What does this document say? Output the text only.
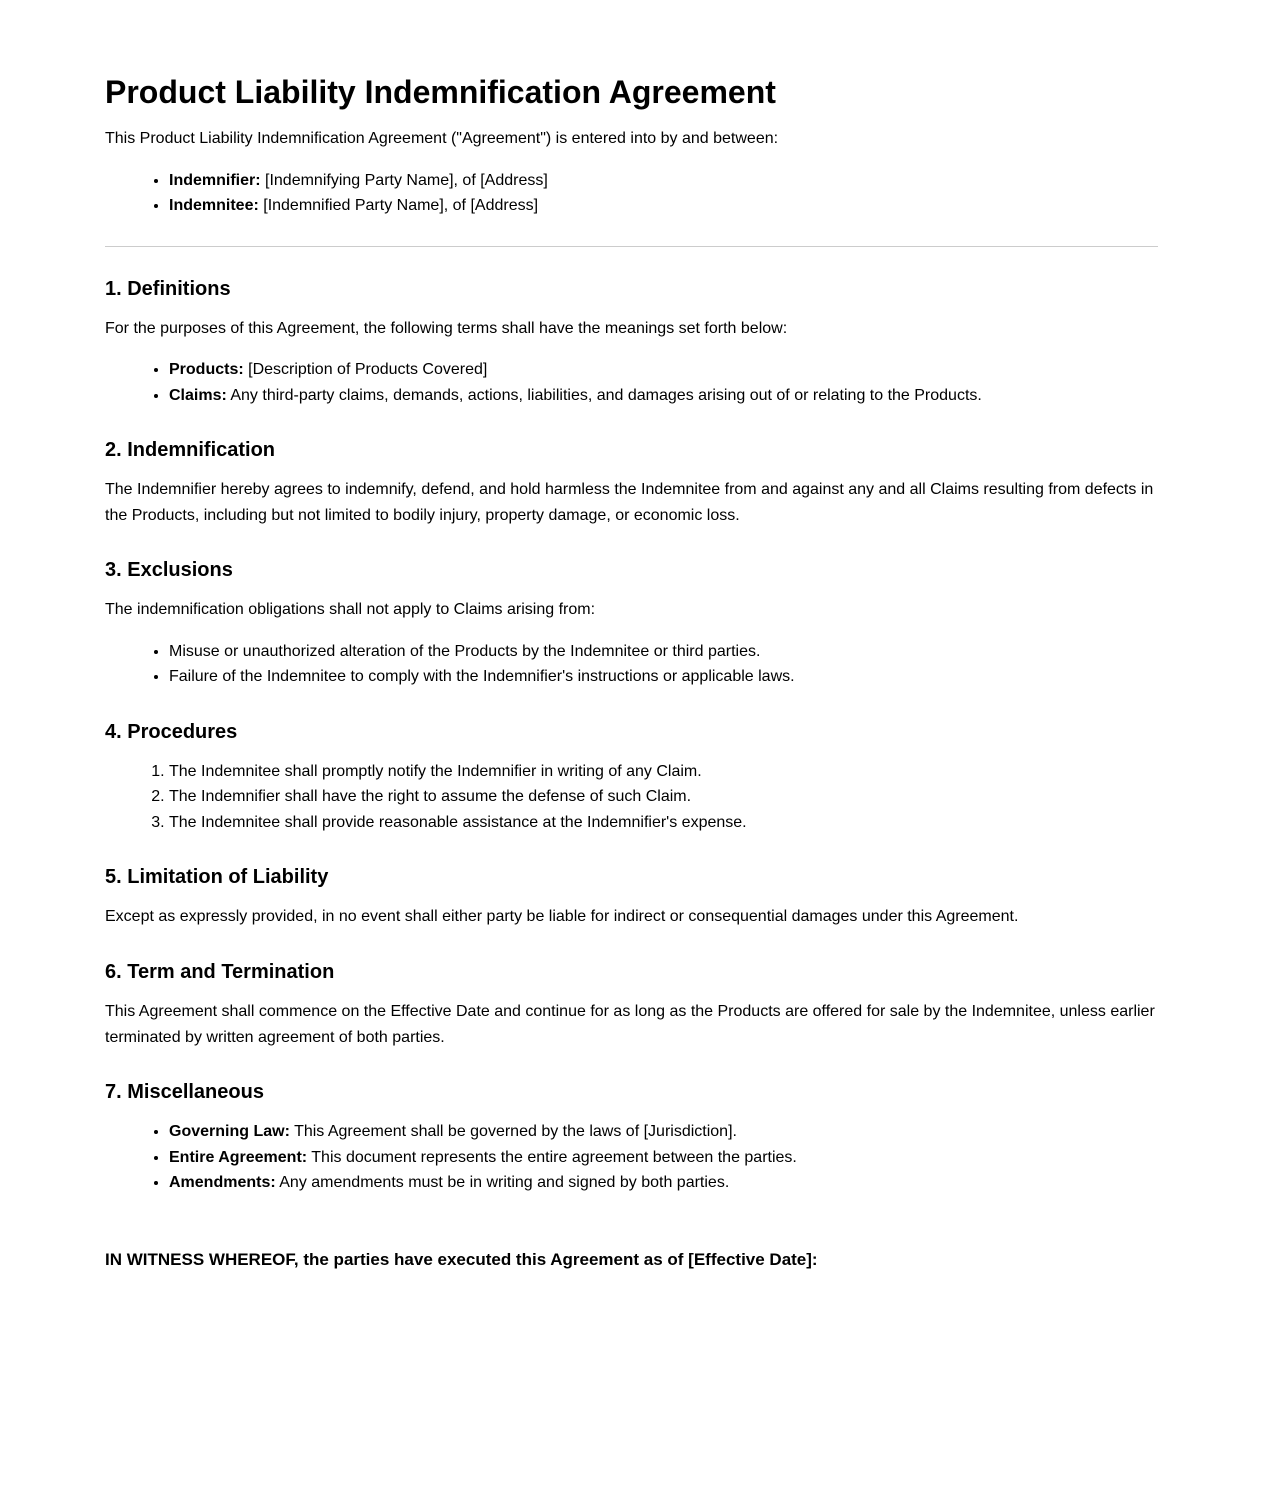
Product Liability Indemnification Agreement

This Product Liability Indemnification Agreement ("Agreement") is entered into by and between:

• Indemnifier: [Indemnifying Party Name], of [Address]
• Indemnitee: [Indemnified Party Name], of [Address]
1. Definitions

For the purposes of this Agreement, the following terms shall have the meanings set forth below:

• Products: [Description of Products Covered]
• Claims: Any third-party claims, demands, actions, liabilities, and damages arising out of or relating to the Products.
2. Indemnification

The Indemnifier hereby agrees to indemnify, defend, and hold harmless the Indemnitee from and against any and all Claims resulting from defects in the Products, including but not limited to bodily injury, property damage, or economic loss.

3. Exclusions

The indemnification obligations shall not apply to Claims arising from:

• Misuse or unauthorized alteration of the Products by the Indemnitee or third parties.
• Failure of the Indemnitee to comply with the Indemnifier's instructions or applicable laws.
4. Procedures
1. The Indemnitee shall promptly notify the Indemnifier in writing of any Claim.
2. The Indemnifier shall have the right to assume the defense of such Claim.
3. The Indemnitee shall provide reasonable assistance at the Indemnifier's expense.
5. Limitation of Liability

Except as expressly provided, in no event shall either party be liable for indirect or consequential damages under this Agreement.

6. Term and Termination

This Agreement shall commence on the Effective Date and continue for as long as the Products are offered for sale by the Indemnitee, unless earlier terminated by written agreement of both parties.

7. Miscellaneous
• Governing Law: This Agreement shall be governed by the laws of [Jurisdiction].
• Entire Agreement: This document represents the entire agreement between the parties.
• Amendments: Any amendments must be in writing and signed by both parties.

IN WITNESS WHEREOF, the parties have executed this Agreement as of [Effective Date]:
